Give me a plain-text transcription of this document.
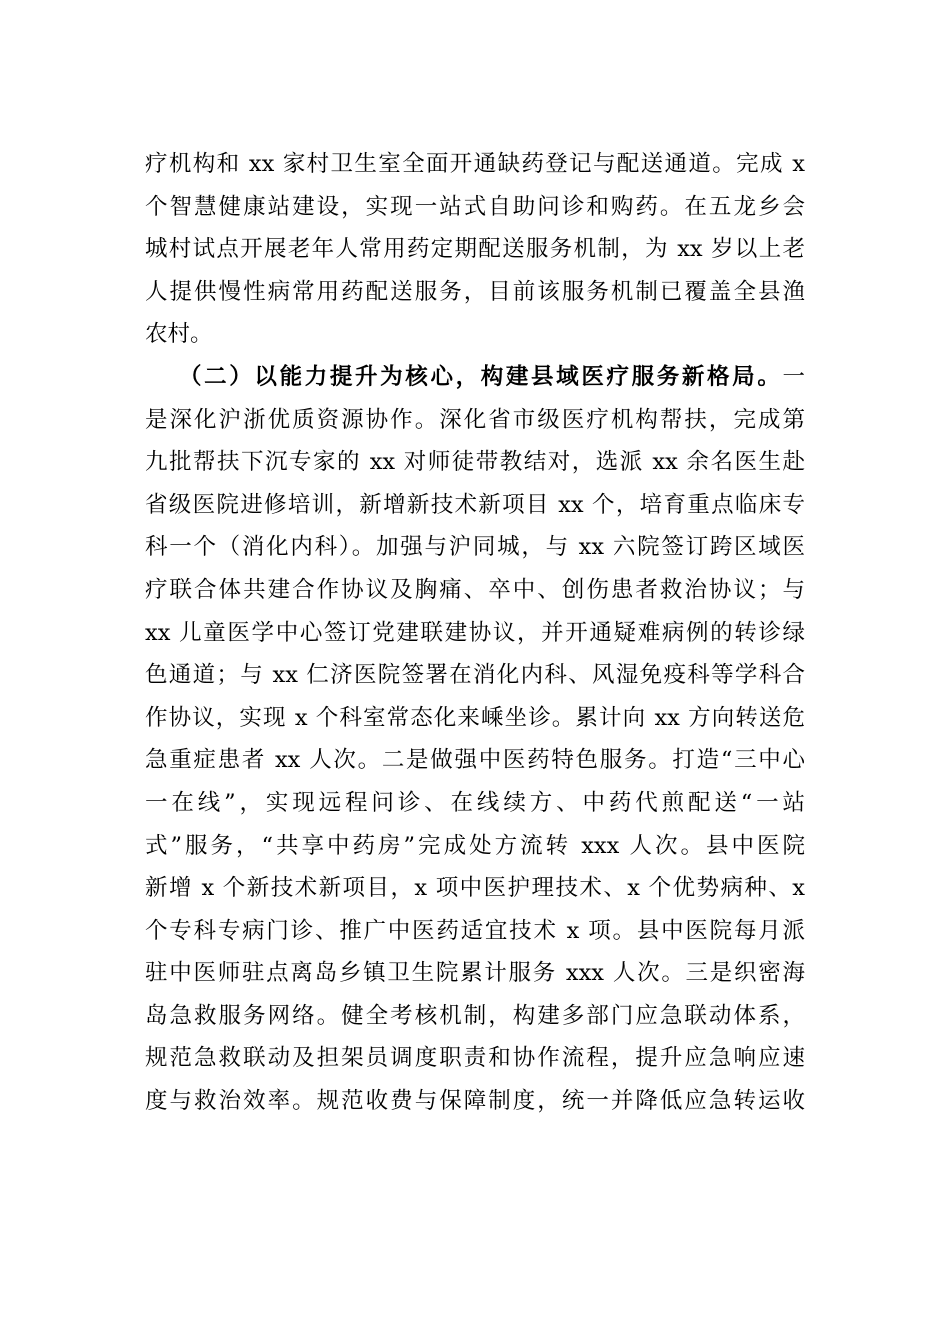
疗机构和 xx 家村卫生室全面开通缺药登记与配送通道。完成 x
个智慧健康站建设，实现一站式自助问诊和购药。在五龙乡会
城村试点开展老年人常用药定期配送服务机制，为 xx 岁以上老
人提供慢性病常用药配送服务，目前该服务机制已覆盖全县渔
农村。
（二）以能力提升为核心，构建县域医疗服务新格局。一
是深化沪浙优质资源协作。深化省市级医疗机构帮扶，完成第
九批帮扶下沉专家的 xx 对师徒带教结对，选派 xx 余名医生赴
省级医院进修培训，新增新技术新项目 xx 个，培育重点临床专
科一个（消化内科）。加强与沪同城，与 xx 六院签订跨区域医
疗联合体共建合作协议及胸痛、卒中、创伤患者救治协议；与
xx 儿童医学中心签订党建联建协议，并开通疑难病例的转诊绿
色通道；与 xx 仁济医院签署在消化内科、风湿免疫科等学科合
作协议，实现 x 个科室常态化来嵊坐诊。累计向 xx 方向转送危
急重症患者 xx 人次。二是做强中医药特色服务。打造“三中心
一在线”，实现远程问诊、在线续方、中药代煎配送“一站
式”服务，“共享中药房”完成处方流转 xxx 人次。县中医院
新增 x 个新技术新项目，x 项中医护理技术、x 个优势病种、x
个专科专病门诊、推广中医药适宜技术 x 项。县中医院每月派
驻中医师驻点离岛乡镇卫生院累计服务 xxx 人次。三是织密海
岛急救服务网络。健全考核机制，构建多部门应急联动体系，
规范急救联动及担架员调度职责和协作流程，提升应急响应速
度与救治效率。规范收费与保障制度，统一并降低应急转运收
